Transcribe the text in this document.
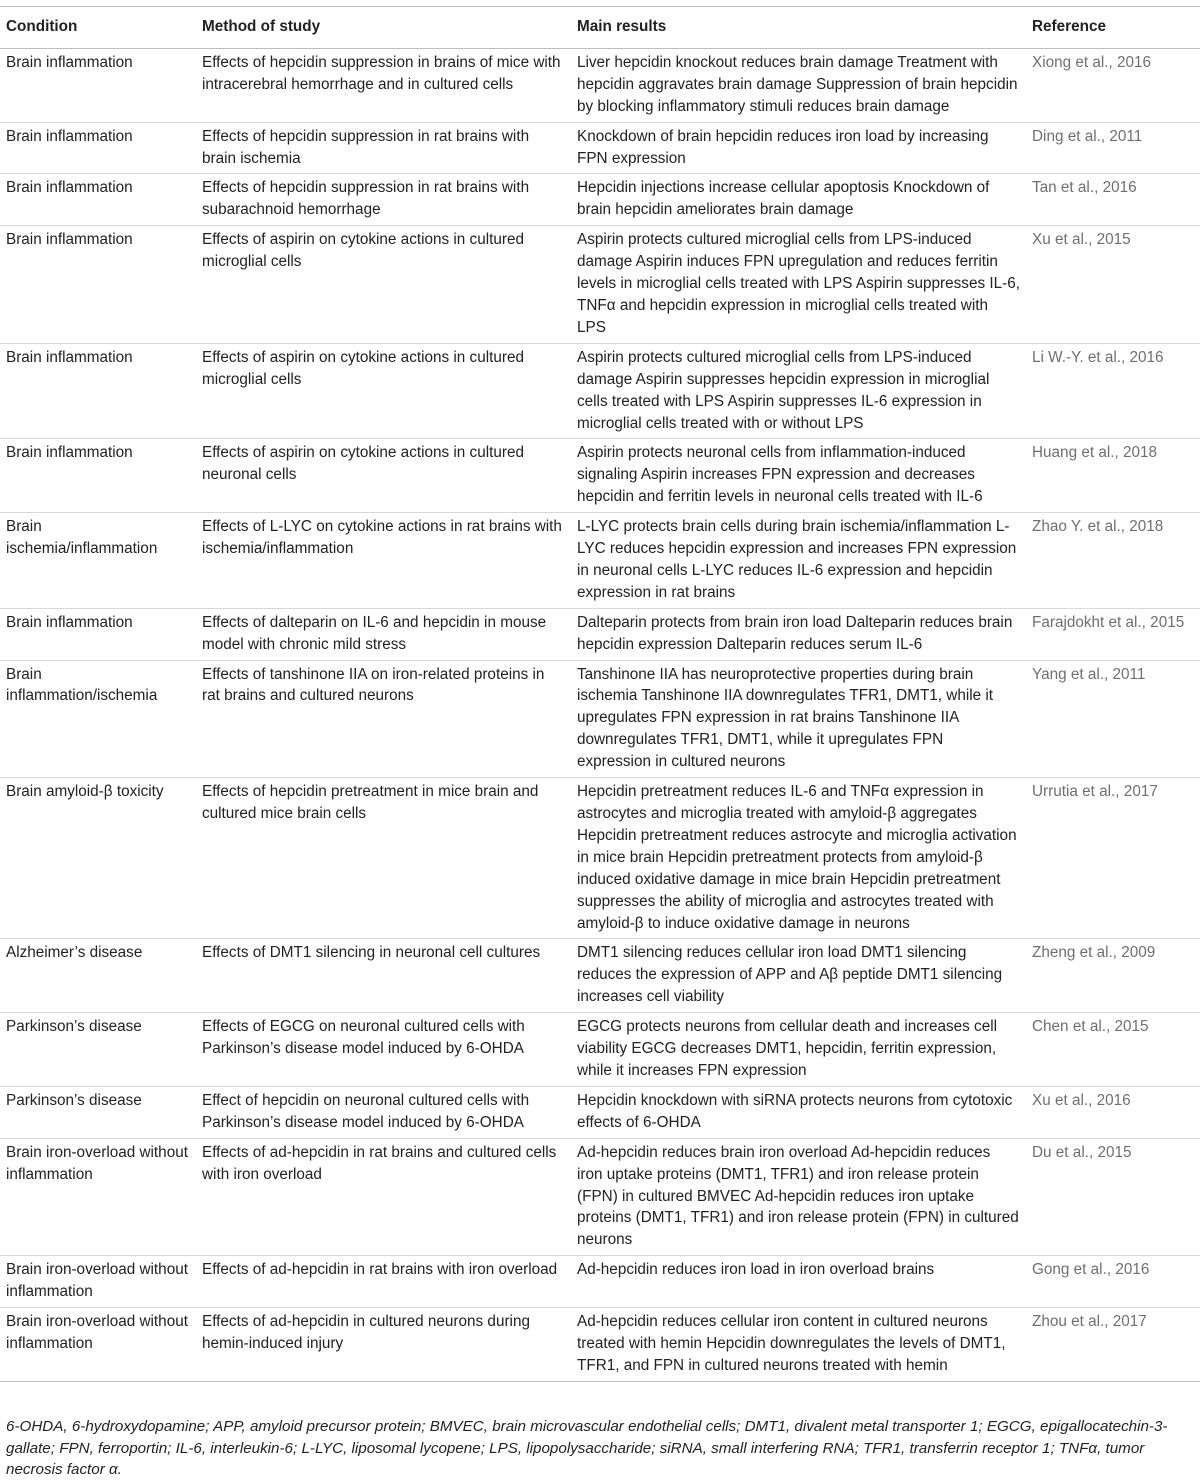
Condition	Method of study	Main results	Reference
Brain inflammation	Effects of hepcidin suppression in brains of mice with intracerebral hemorrhage and in cultured cells	Liver hepcidin knockout reduces brain damage Treatment with hepcidin aggravates brain damage Suppression of brain hepcidin by blocking inflammatory stimuli reduces brain damage	Xiong et al., 2016
Brain inflammation	Effects of hepcidin suppression in rat brains with brain ischemia	Knockdown of brain hepcidin reduces iron load by increasing FPN expression	Ding et al., 2011
Brain inflammation	Effects of hepcidin suppression in rat brains with subarachnoid hemorrhage	Hepcidin injections increase cellular apoptosis Knockdown of brain hepcidin ameliorates brain damage	Tan et al., 2016
Brain inflammation	Effects of aspirin on cytokine actions in cultured microglial cells	Aspirin protects cultured microglial cells from LPS-induced damage Aspirin induces FPN upregulation and reduces ferritin levels in microglial cells treated with LPS Aspirin suppresses IL-6, TNFα and hepcidin expression in microglial cells treated with LPS	Xu et al., 2015
Brain inflammation	Effects of aspirin on cytokine actions in cultured microglial cells	Aspirin protects cultured microglial cells from LPS-induced damage Aspirin suppresses hepcidin expression in microglial cells treated with LPS Aspirin suppresses IL-6 expression in microglial cells treated with or without LPS	Li W.-Y. et al., 2016
Brain inflammation	Effects of aspirin on cytokine actions in cultured neuronal cells	Aspirin protects neuronal cells from inflammation-induced signaling Aspirin increases FPN expression and decreases hepcidin and ferritin levels in neuronal cells treated with IL-6	Huang et al., 2018
Brain ischemia/inflammation	Effects of L-LYC on cytokine actions in rat brains with ischemia/inflammation	L-LYC protects brain cells during brain ischemia/inflammation L-LYC reduces hepcidin expression and increases FPN expression in neuronal cells L-LYC reduces IL-6 expression and hepcidin expression in rat brains	Zhao Y. et al., 2018
Brain inflammation	Effects of dalteparin on IL-6 and hepcidin in mouse model with chronic mild stress	Dalteparin protects from brain iron load Dalteparin reduces brain hepcidin expression Dalteparin reduces serum IL-6	Farajdokht et al., 2015
Brain inflammation/ischemia	Effects of tanshinone IIA on iron-related proteins in rat brains and cultured neurons	Tanshinone IIA has neuroprotective properties during brain ischemia Tanshinone IIA downregulates TFR1, DMT1, while it upregulates FPN expression in rat brains Tanshinone IIA downregulates TFR1, DMT1, while it upregulates FPN expression in cultured neurons	Yang et al., 2011
Brain amyloid-β toxicity	Effects of hepcidin pretreatment in mice brain and cultured mice brain cells	Hepcidin pretreatment reduces IL-6 and TNFα expression in astrocytes and microglia treated with amyloid-β aggregates Hepcidin pretreatment reduces astrocyte and microglia activation in mice brain Hepcidin pretreatment protects from amyloid-β induced oxidative damage in mice brain Hepcidin pretreatment suppresses the ability of microglia and astrocytes treated with amyloid-β to induce oxidative damage in neurons	Urrutia et al., 2017
Alzheimer’s disease	Effects of DMT1 silencing in neuronal cell cultures	DMT1 silencing reduces cellular iron load DMT1 silencing reduces the expression of APP and Aβ peptide DMT1 silencing increases cell viability	Zheng et al., 2009
Parkinson’s disease	Effects of EGCG on neuronal cultured cells with Parkinson’s disease model induced by 6-OHDA	EGCG protects neurons from cellular death and increases cell viability EGCG decreases DMT1, hepcidin, ferritin expression, while it increases FPN expression	Chen et al., 2015
Parkinson’s disease	Effect of hepcidin on neuronal cultured cells with Parkinson’s disease model induced by 6-OHDA	Hepcidin knockdown with siRNA protects neurons from cytotoxic effects of 6-OHDA	Xu et al., 2016
Brain iron-overload without inflammation	Effects of ad-hepcidin in rat brains and cultured cells with iron overload	Ad-hepcidin reduces brain iron overload Ad-hepcidin reduces iron uptake proteins (DMT1, TFR1) and iron release protein (FPN) in cultured BMVEC Ad-hepcidin reduces iron uptake proteins (DMT1, TFR1) and iron release protein (FPN) in cultured neurons	Du et al., 2015
Brain iron-overload without inflammation	Effects of ad-hepcidin in rat brains with iron overload	Ad-hepcidin reduces iron load in iron overload brains	Gong et al., 2016
Brain iron-overload without inflammation	Effects of ad-hepcidin in cultured neurons during hemin-induced injury	Ad-hepcidin reduces cellular iron content in cultured neurons treated with hemin Hepcidin downregulates the levels of DMT1, TFR1, and FPN in cultured neurons treated with hemin	Zhou et al., 2017
6-OHDA, 6-hydroxydopamine; APP, amyloid precursor protein; BMVEC, brain microvascular endothelial cells; DMT1, divalent metal transporter 1; EGCG, epigallocatechin-3-gallate; FPN, ferroportin; IL-6, interleukin-6; L-LYC, liposomal lycopene; LPS, lipopolysaccharide; siRNA, small interfering RNA; TFR1, transferrin receptor 1; TNFα, tumor necrosis factor α.
